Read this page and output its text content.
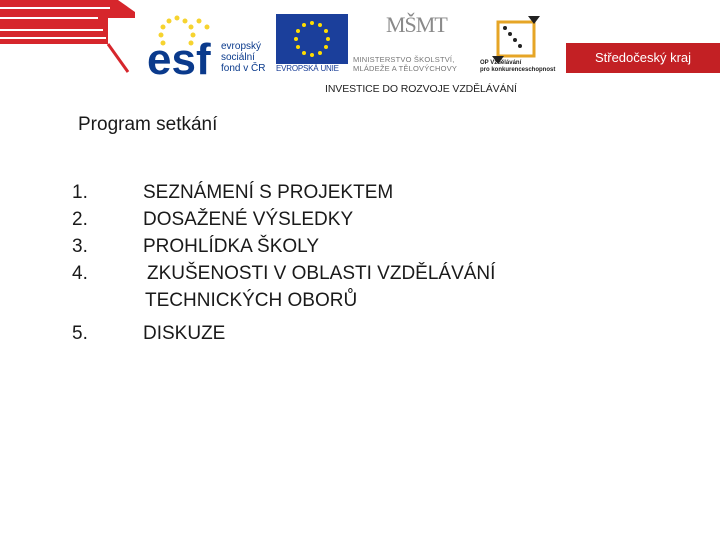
esf evropský
sociální
fond v ČR EVROPSKÁ UNIE
MŠMT
MINISTERSTVO ŠKOLSTVÍ,
MLÁDEŽE A TĚLOVÝCHOVY
OP Vzdělávání
pro konkurenceschopnost
Středočeský kraj
INVESTICE DO ROZVOJE VZDĚLÁVÁNÍ
Program setkání
1.	SEZNÁMENÍ S PROJEKTEM
2.	DOSAŽENÉ VÝSLEDKY
3.	PROHLÍDKA ŠKOLY
4.	ZKUŠENOSTI V OBLASTI VZDĚLÁVÁNÍ
TECHNICKÝCH OBORŮ
5.	DISKUZE
